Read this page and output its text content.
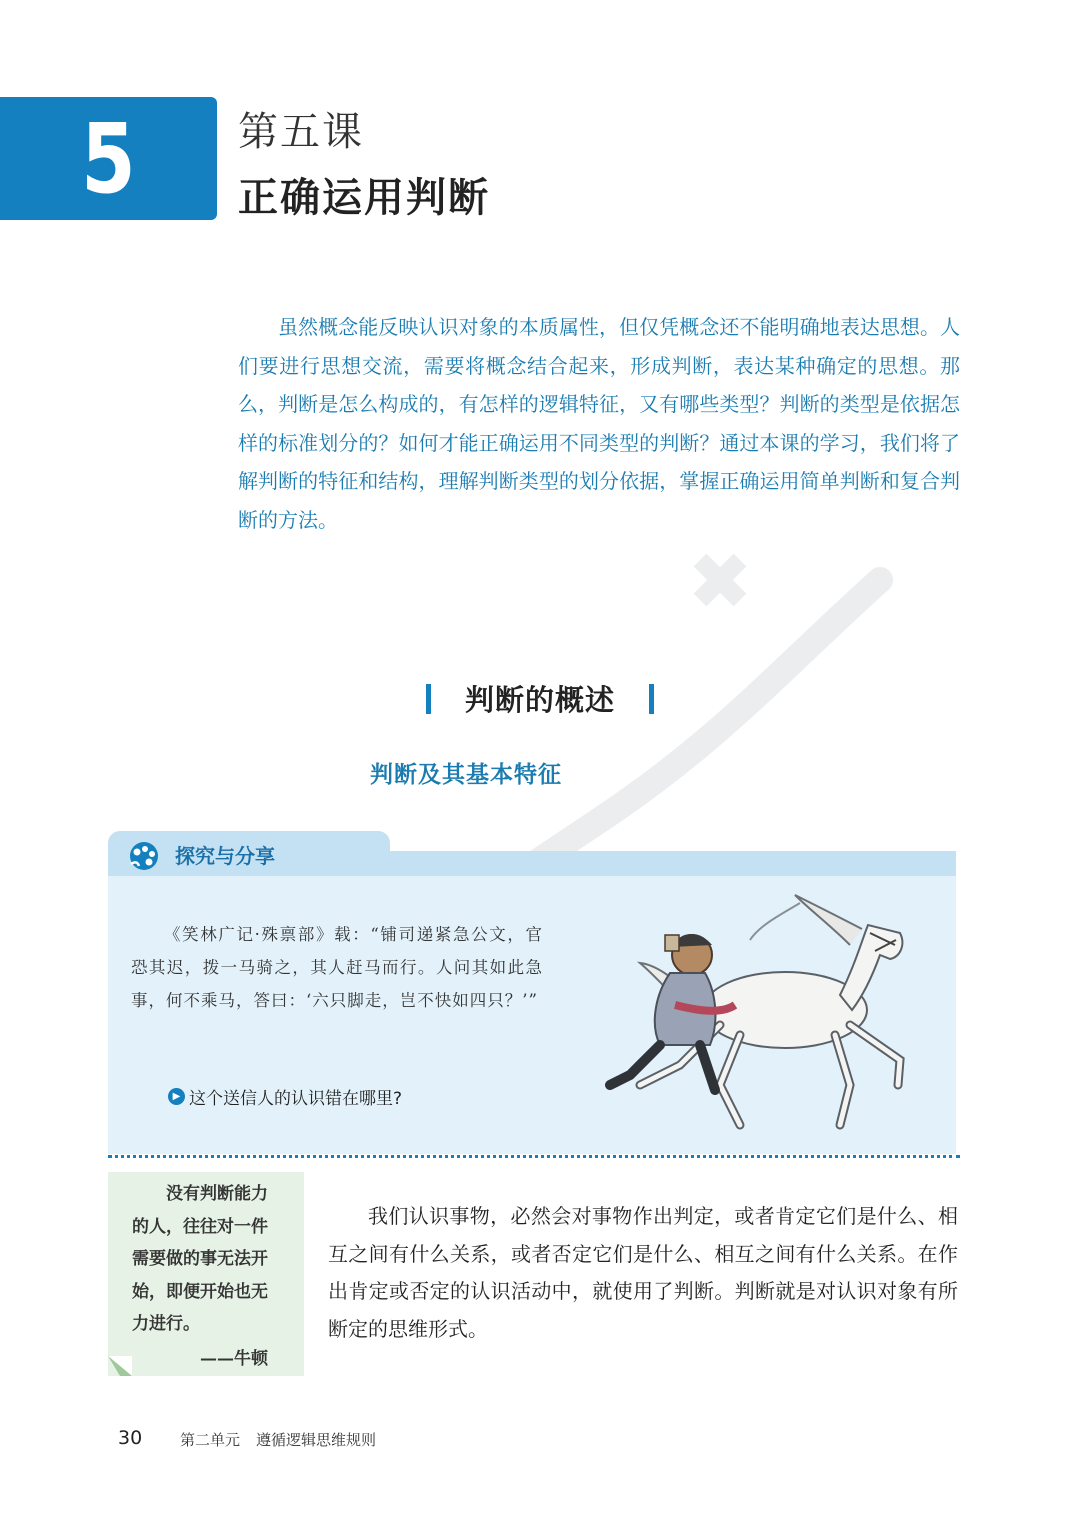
5	第五课
正确运用判断

虽然概念能反映认识对象的本质属性，但仅凭概念还不能明确地表达思想。人们要进行思想交流，需要将概念结合起来，形成判断，表达某种确定的思想。那么，判断是怎么构成的，有怎样的逻辑特征，又有哪些类型？判断的类型是依据怎样的标准划分的？如何才能正确运用不同类型的判断？通过本课的学习，我们将了解判断的特征和结构，理解判断类型的划分依据，掌握正确运用简单判断和复合判断的方法。

判断的概述
判断及其基本特征
探究与分享

《笑林广记·殊禀部》载：“铺司递紧急公文，官恐其迟，拨一马骑之，其人赶马而行。人问其如此急事，何不乘马，答曰：‘六只脚走，岂不快如四只？’”

▶ 这个送信人的认识错在哪里?

没有判断能力的人，往往对一件需要做的事无法开始，即便开始也无力进行。

——牛顿

我们认识事物，必然会对事物作出判定，或者肯定它们是什么、相互之间有什么关系，或者否定它们是什么、相互之间有什么关系。在作出肯定或否定的认识活动中，就使用了判断。判断就是对认识对象有所断定的思维形式。

30	第二单元 遵循逻辑思维规则
